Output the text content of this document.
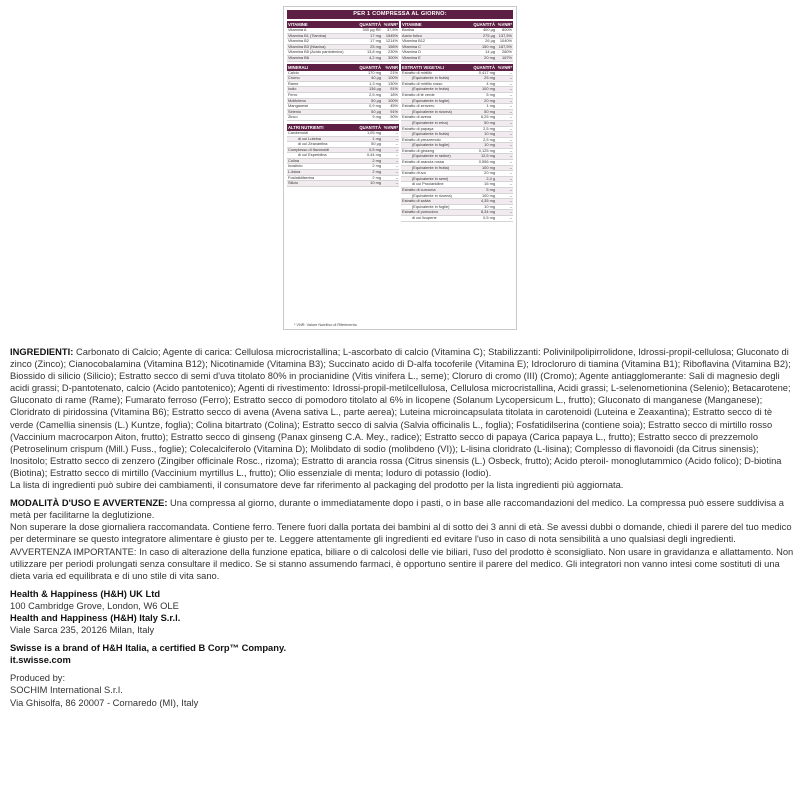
PER 1 COMPRESSA AL GIORNO:
VITAMINE	QUANTITÀ %VNR*
Vitamina A	300 μg RE	37,5%
Vitamina B1 (Tiamina)	17 mg	1545%
Vitamina B2	17 mg	1214%
Vitamina B3 (Niacina)	25 mg	156%
Vitamina B5 (Acido pantotenico)	13,8 mg	230%
Vitamina B6	4,2 mg	300%
VITAMINE	QUANTITÀ %VNR*
Biotina	400 μg	800%
Acido folico	275 μg 137,5%
Vitamina B12	26 μg	1040%
Vitamina C	150 mg 187,5%
Vitamina D	14 μg	280%
Vitamina E	20 mg	167%
MINERALI	QUANTITÀ	%VNR
Calcio	170 mg	21%
Cromo	40 μg	100%
Rame	1,3 mg	130%
Iodio	136 μg	91%
Ferro	2,5 mg	18%
Molibdeno	50 μg	100%
Manganese	0,9 mg	45%
Selenio	50 μg	91%
Zinco	9 mg	90%
ALTRI NUTRIENTI	QUANTITÀ %VNR*
Carotenoidi	1,05 mg	–
di cui Luteina	1 mg	–
di cui Zeaxantina	50 μg	–
Complesso di flavonoidi	0,5 mg	–
di cui Esperidina	0,44 mg	–
Colina	2 mg	–
Inositolo	2 mg	–
L-lisina	2 mg	–
Fosfatidilserina	2 mg	–
Silicio	10 mg	–
ESTRATTI VEGETALI	QUANTITÀ %VNR*
Estratto di mirtillo	0,417 mg	–
(Equivalente in frutta)	25 mg	–
Estratto di mirtillo rosso	4 mg	–
(Equivalente in frutta)	100 mg	–
Estratto di tè verde	5 mg	–
(Equivalente in foglie)	20 mg	–
Estratto di zenzero	1 mg	–
(Equivalente in rizoma)	50 mg	–
Estratto di avena	6,25 mg	–
(Equivalente in erba)	50 mg	–
Estratto di papaya	2,5 mg	–
(Equivalente in frutta)	10 mg	–
Estratto di prezzemolo	2,5 mg	–
(Equivalente in foglie)	10 mg	–
Estratto di ginseng	0,125 mg	–
(Equivalente in radice)	12,5 mg	–
Estratto di arancia rossa	0,556 mg	–
(Equivalente in frutta)	100 mg	–
Estratto d'uva	20 mg	–
(Equivalente in semi)	2,4 g	–
di cui Procianidine	16 mg	–
Estratto di curcuma	5 mg	–
(Equivalente in rizoma)	100 mg	–
Estratto di salvia	4,35 mg	–
(Equivalente in foglie)	10 mg	–
Estratto di pomodoro	8,34 mg	–
di cui licopene	0,5 mg	–
* VNR: Valore Nutritivo di Riferimento

INGREDIENTI: Carbonato di Calcio; Agente di carica: Cellulosa microcristallina; L-ascorbato di calcio (Vitamina C); Stabilizzanti: Polivinilpolipirrolidone, Idrossi-propil-cellulosa; Gluconato di zinco (Zinco); Cianocobalamina (Vitamina B12); Nicotinamide (Vitamina B3); Succinato acido di D-alfa tocoferile (Vitamina E); Idrocloruro di tiamina (Vitamina B1); Riboflavina (Vitamina B2); Biossido di silicio (Silicio); Estratto secco di semi d'uva titolato 80% in procianidine (Vitis vinifera L., seme); Cloruro di cromo (III) (Cromo); Agente antiagglomerante: Sali di magnesio degli acidi grassi; D-pantotenato, calcio (Acido pantotenico); Agenti di rivestimento: Idrossi-propil-metilcellulosa, Cellulosa microcristallina, Acidi grassi; L-selenometionina (Selenio); Betacarotene; Gluconato di rame (Rame); Fumarato ferroso (Ferro); Estratto secco di pomodoro titolato al 6% in licopene (Solanum Lycopersicum L., frutto); Gluconato di manganese (Manganese); Cloridrato di piridossina (Vitamina B6); Estratto secco di avena (Avena sativa L., parte aerea); Luteina microincapsulata titolata in carotenoidi (Luteina e Zeaxantina); Estratto secco di tè verde (Camellia sinensis (L.) Kuntze, foglia); Colina bitartrato (Colina); Estratto secco di salvia (Salvia officinalis L., foglia); Fosfatidilserina (contiene soia); Estratto secco di mirtillo rosso (Vaccinium macrocarpon Aiton, frutto); Estratto secco di ginseng (Panax ginseng C.A. Mey., radice); Estratto secco di papaya (Carica papaya L., frutto); Estratto secco di prezzemolo (Petroselinum crispum (Mill.) Fuss., foglie); Colecalciferolo (Vitamina D); Molibdato di sodio (molibdeno (VI)); L-lisina cloridrato (L-lisina); Complesso di flavonoidi (da Citrus sinensis); Inositolo; Estratto secco di zenzero (Zingiber officinale Rosc., rizoma); Estratto di arancia rossa (Citrus sinensis (L.) Osbeck, frutto); Acido pteroil- monoglutammico (Acido folico); D-biotina (Biotina); Estratto secco di mirtillo (Vaccinium myrtillus L., frutto); Olio essenziale di menta; Ioduro di potassio (Iodio).

La lista di ingredienti può subire dei cambiamenti, il consumatore deve far riferimento al packaging del prodotto per la lista ingredienti più aggiornata.

MODALITÀ D'USO E AVVERTENZE: Una compressa al giorno, durante o immediatamente dopo i pasti, o in base alle raccomandazioni del medico. La compressa può essere suddivisa a metà per facilitarne la deglutizione.

Non superare la dose giornaliera raccomandata. Contiene ferro. Tenere fuori dalla portata dei bambini al di sotto dei 3 anni di età. Se avessi dubbi o domande, chiedi il parere del tuo medico per determinare se questo integratore alimentare è giusto per te. Leggere attentamente gli ingredienti ed evitare l'uso in caso di nota sensibilità a uno qualsiasi degli ingredienti.

AVVERTENZA IMPORTANTE: In caso di alterazione della funzione epatica, biliare o di calcolosi delle vie biliari, l'uso del prodotto è sconsigliato. Non usare in gravidanza e allattamento. Non utilizzare per periodi prolungati senza consultare il medico. Se si stanno assumendo farmaci, è opportuno sentire il parere del medico. Gli integratori non vanno intesi come sostituti di una dieta varia ed equilibrata e di uno stile di vita sano.

Health & Happiness (H&H) UK Ltd

100 Cambridge Grove, London, W6 OLE

Health and Happiness (H&H) Italy S.r.l.

Viale Sarca 235, 20126 Milan, Italy

Swisse is a brand of H&H Italia, a certified B Corp™ Company.

it.swisse.com

Produced by:

SOCHIM International S.r.l.

Via Ghisolfa, 86 20007 - Cornaredo (MI), Italy
